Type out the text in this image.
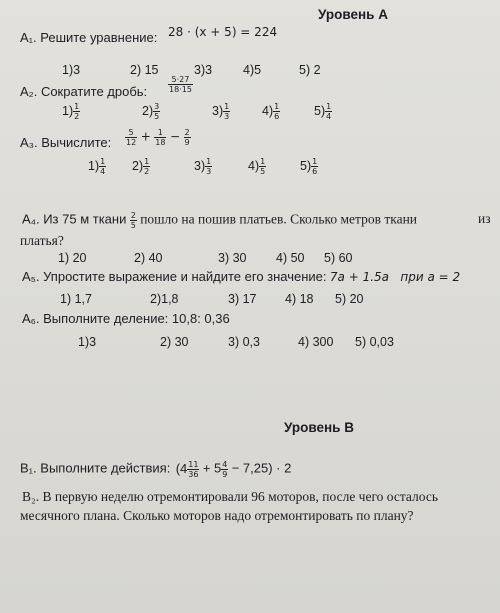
Уровень А
А₁. Решите уравнение: 28 · (x + 5) = 224
1)3	2) 15	3)3 4)5	5) 2
А₂. Сократите дробь:	$\frac{5\cdot 27}{18\cdot 15}$
$1) \frac{1}{2}$	$2) \frac{3}{5}$	$3) \frac{1}{3}$	$4) \frac{1}{6}$	$5) \frac{1}{4}$
А₃. Вычислите: $\frac{5}{12} + \frac{1}{18} - \frac{2}{9}$
$1) \frac{1}{4} 2) \frac{1}{2}$	$3) \frac{1}{3}$	$4) \frac{1}{5}$	$5) \frac{1}{6}$
А₄. Из 75 м ткани $\frac{2}{5}$ пошло на пошив платьев. Сколько метров ткани	из
платья?
1) 20	2) 40	3) 30 4) 50 5) 60
А₅. Упростите выражение и найдите его значение: 7a + 1.5a при a = 2
1) 1,7	2)1,8	3) 17 4) 18 5) 20
А₆. Выполните деление: 10,8: 0,36
1)3	2) 30	3) 0,3	4) 300 5) 0,03
Уровень В
В₁. Выполните действия: $(4 \frac{11}{36} + 5 \frac{4}{9} - 7,25) \cdot 2$
В₂. В первую неделю отремонтировали 96 моторов, после чего осталось
месячного плана. Сколько моторов надо отремонтировать по плану?
